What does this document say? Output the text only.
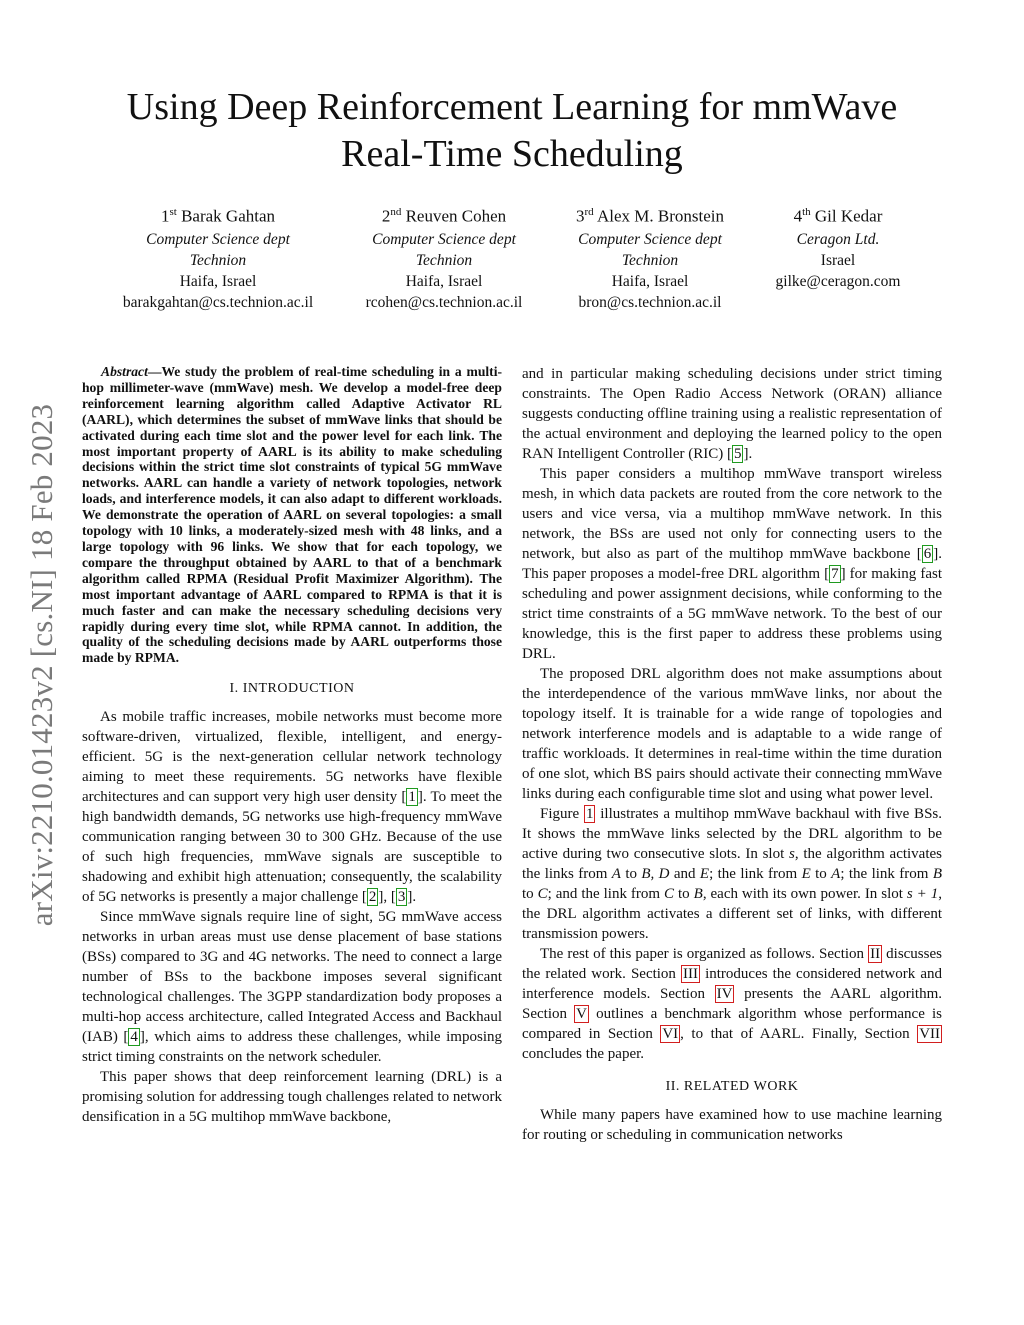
arXiv:2210.01423v2 [cs.NI] 18 Feb 2023
Using Deep Reinforcement Learning for mmWave
Real-Time Scheduling
1st Barak Gahtan
Computer Science dept
Technion
Haifa, Israel
barakgahtan@cs.technion.ac.il
2nd Reuven Cohen
Computer Science dept
Technion
Haifa, Israel
rcohen@cs.technion.ac.il
3rd Alex M. Bronstein
Computer Science dept
Technion
Haifa, Israel
bron@cs.technion.ac.il
4th Gil Kedar
Ceragon Ltd.
Israel
gilke@ceragon.com

Abstract—We study the problem of real-time scheduling in a multi-hop millimeter-wave (mmWave) mesh. We develop a model-free deep reinforcement learning algorithm called Adaptive Activator RL (AARL), which determines the subset of mmWave links that should be activated during each time slot and the power level for each link. The most important property of AARL is its ability to make scheduling decisions within the strict time slot constraints of typical 5G mmWave networks. AARL can handle a variety of network topologies, network loads, and interference models, it can also adapt to different workloads. We demonstrate the operation of AARL on several topologies: a small topology with 10 links, a moderately-sized mesh with 48 links, and a large topology with 96 links. We show that for each topology, we compare the throughput obtained by AARL to that of a benchmark algorithm called RPMA (Residual Profit Maximizer Algorithm). The most important advantage of AARL compared to RPMA is that it is much faster and can make the necessary scheduling decisions very rapidly during every time slot, while RPMA cannot. In addition, the quality of the scheduling decisions made by AARL outperforms those made by RPMA.

I. INTRODUCTION

As mobile traffic increases, mobile networks must become more software-driven, virtualized, flexible, intelligent, and energy-efficient. 5G is the next-generation cellular network technology aiming to meet these requirements. 5G networks have flexible architectures and can support very high user density [ 1 ]. To meet the high bandwidth demands, 5G networks use high-frequency mmWave communication ranging between 30 to 300 GHz. Because of the use of such high frequencies, mmWave signals are susceptible to shadowing and exhibit high attenuation; consequently, the scalability of 5G networks is presently a major challenge [ 2 ], [ 3 ].

Since mmWave signals require line of sight, 5G mmWave access networks in urban areas must use dense placement of base stations (BSs) compared to 3G and 4G networks. The need to connect a large number of BSs to the backbone imposes several significant technological challenges. The 3GPP standardization body proposes a multi-hop access architecture, called Integrated Access and Backhaul (IAB) [ 4 ], which aims to address these challenges, while imposing strict timing constraints on the network scheduler.

This paper shows that deep reinforcement learning (DRL) is a promising solution for addressing tough challenges related to network densification in a 5G multihop mmWave backbone,

and in particular making scheduling decisions under strict timing constraints. The Open Radio Access Network (ORAN) alliance suggests conducting offline training using a realistic representation of the actual environment and deploying the learned policy to the open RAN Intelligent Controller (RIC) [ 5 ].

This paper considers a multihop mmWave transport wireless mesh, in which data packets are routed from the core network to the users and vice versa, via a multihop mmWave network. In this network, the BSs are used not only for connecting users to the network, but also as part of the multihop mmWave backbone [ 6 ]. This paper proposes a model-free DRL algorithm [ 7 ] for making fast scheduling and power assignment decisions, while conforming to the strict time constraints of a 5G mmWave network. To the best of our knowledge, this is the first paper to address these problems using DRL.

The proposed DRL algorithm does not make assumptions about the interdependence of the various mmWave links, nor about the topology itself. It is trainable for a wide range of topologies and network interference models and is adaptable to a wide range of traffic workloads. It determines in real-time within the time duration of one slot, which BS pairs should activate their connecting mmWave links during each configurable time slot and using what power level.

Figure 1 illustrates a multihop mmWave backhaul with five BSs. It shows the mmWave links selected by the DRL algorithm to be active during two consecutive slots. In slot s, the algorithm activates the links from A to B, D and E; the link from E to A; the link from B to C; and the link from C to B, each with its own power. In slot s + 1, the DRL algorithm activates a different set of links, with different transmission powers.

The rest of this paper is organized as follows. Section II discusses the related work. Section III introduces the considered network and interference models. Section IV presents the AARL algorithm. Section V outlines a benchmark algorithm whose performance is compared in Section VI , to that of AARL. Finally, Section VII concludes the paper.

II. RELATED WORK

While many papers have examined how to use machine learning for routing or scheduling in communication networks
